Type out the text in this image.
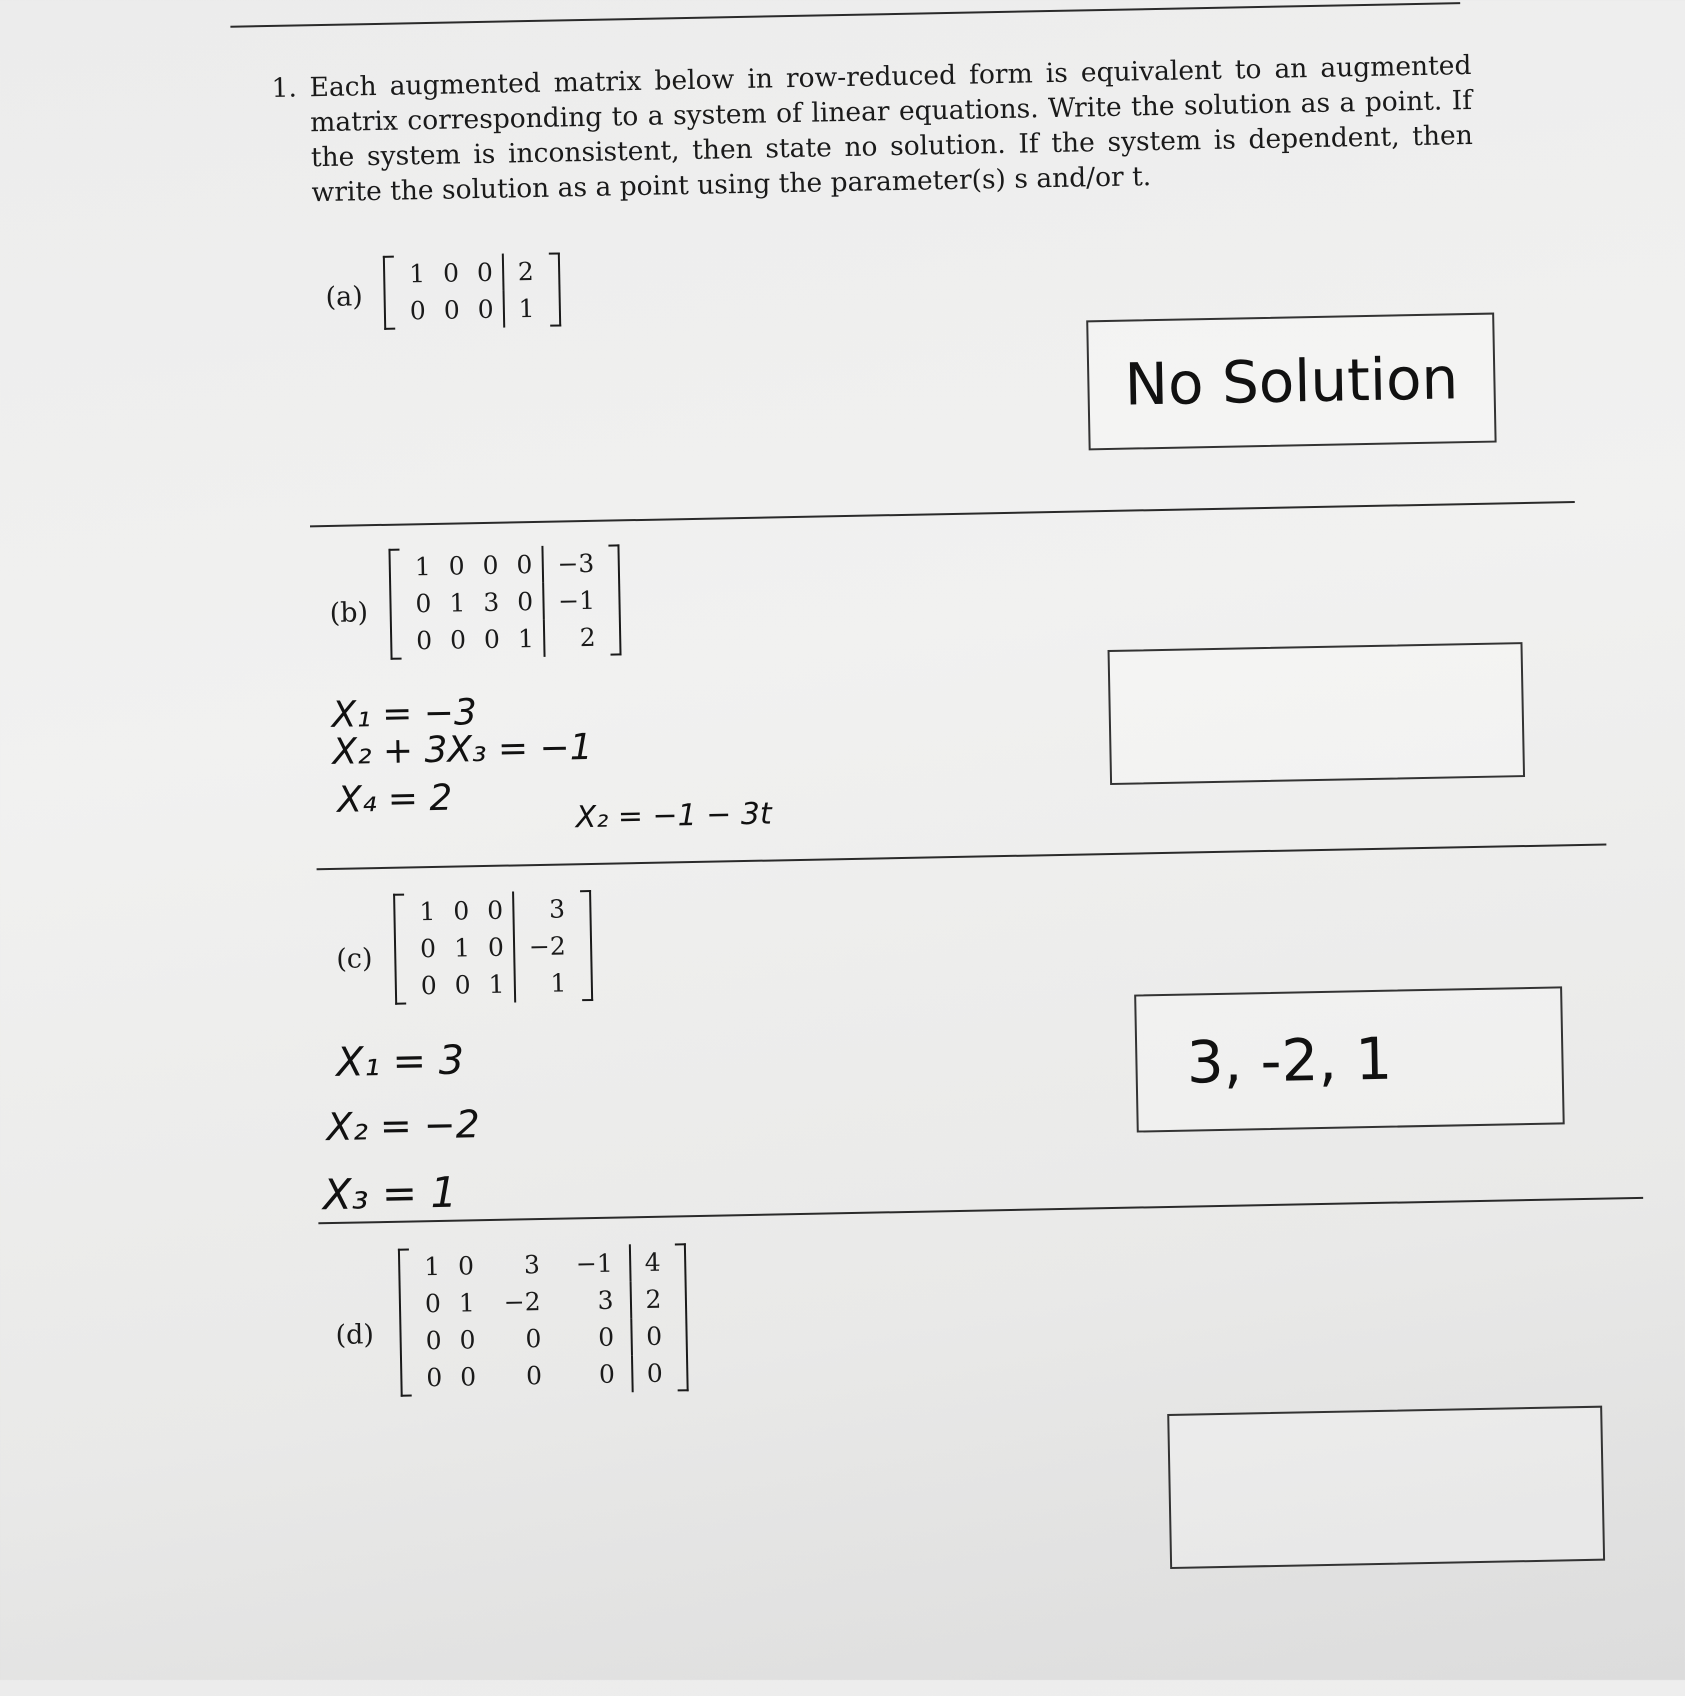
1. Each augmented matrix below in row-reduced form is equivalent to an augmented matrix corresponding to a system of linear equations. Write the solution as a point. If the system is inconsistent, then state no solution. If the system is dependent, then write the solution as a point using the parameter(s) s and/or t.
(a)
1 0 0 2
0 0 0 1
No Solution
(b)
1 0 0 0 −3
0 1 3 0 −1
0 0 0 1	2
X₁ = −3
X₂ + 3X₃ = −1
X₄ = 2	X₂ = −1 − 3t
(c)
1 0 0	3
0 1 0 −2
0 0 1	1
X₁ = 3
X₂ = −2
X₃ = 1
3, -2, 1
(d)
1 0	3	−1	4
0 1	−2	3	2
0 0	0	0	0
0 0	0	0	0
